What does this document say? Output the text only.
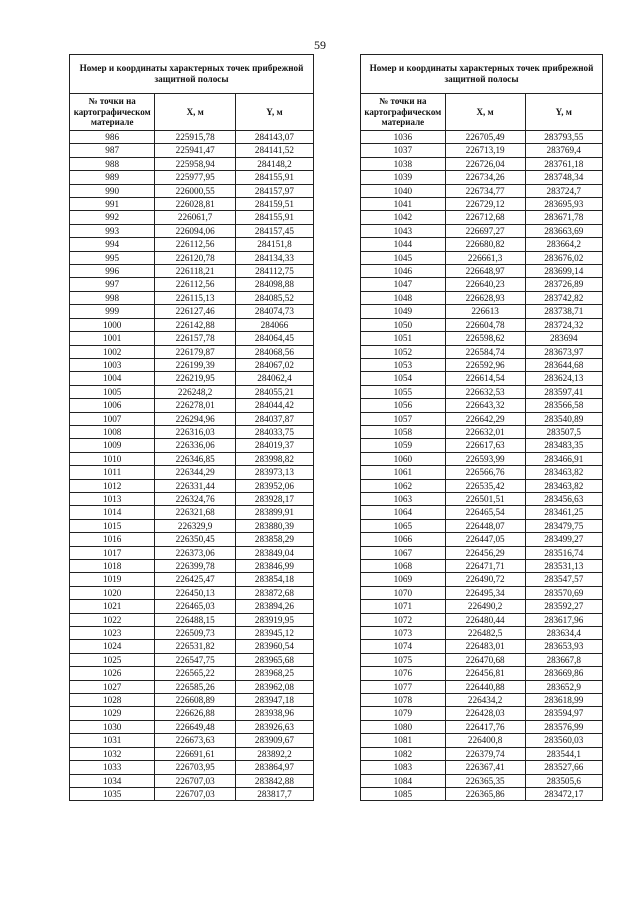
59
Номер и координаты характерных точек прибрежной защитной полосы		
№ точки на картографическом материале	X, м	Y, м
986	225915,78	284143,07
987	225941,47	284141,52
988	225958,94	284148,2
989	225977,95	284155,91
990	226000,55	284157,97
991	226028,81	284159,51
992	226061,7	284155,91
993	226094,06	284157,45
994	226112,56	284151,8
995	226120,78	284134,33
996	226118,21	284112,75
997	226112,56	284098,88
998	226115,13	284085,52
999	226127,46	284074,73
1000	226142,88	284066
1001	226157,78	284064,45
1002	226179,87	284068,56
1003	226199,39	284067,02
1004	226219,95	284062,4
1005	226248,2	284055,21
1006	226278,01	284044,42
1007	226294,96	284037,87
1008	226316,03	284033,75
1009	226336,06	284019,37
1010	226346,85	283998,82
1011	226344,29	283973,13
1012	226331,44	283952,06
1013	226324,76	283928,17
1014	226321,68	283899,91
1015	226329,9	283880,39
1016	226350,45	283858,29
1017	226373,06	283849,04
1018	226399,78	283846,99
1019	226425,47	283854,18
1020	226450,13	283872,68
1021	226465,03	283894,26
1022	226488,15	283919,95
1023	226509,73	283945,12
1024	226531,82	283960,54
1025	226547,75	283965,68
1026	226565,22	283968,25
1027	226585,26	283962,08
1028	226608,89	283947,18
1029	226626,88	283938,96
1030	226649,48	283926,63
1031	226673,63	283909,67
1032	226691,61	283892,2
1033	226703,95	283864,97
1034	226707,03	283842,88
1035	226707,03	283817,7
Номер и координаты характерных точек прибрежной защитной полосы		
№ точки на картографическом материале	X, м	Y, м
1036	226705,49	283793,55
1037	226713,19	283769,4
1038	226726,04	283761,18
1039	226734,26	283748,34
1040	226734,77	283724,7
1041	226729,12	283695,93
1042	226712,68	283671,78
1043	226697,27	283663,69
1044	226680,82	283664,2
1045	226661,3	283676,02
1046	226648,97	283699,14
1047	226640,23	283726,89
1048	226628,93	283742,82
1049	226613	283738,71
1050	226604,78	283724,32
1051	226598,62	283694
1052	226584,74	283673,97
1053	226592,96	283644,68
1054	226614,54	283624,13
1055	226632,53	283597,41
1056	226643,32	283566,58
1057	226642,29	283540,89
1058	226632,01	283507,5
1059	226617,63	283483,35
1060	226593,99	283466,91
1061	226566,76	283463,82
1062	226535,42	283463,82
1063	226501,51	283456,63
1064	226465,54	283461,25
1065	226448,07	283479,75
1066	226447,05	283499,27
1067	226456,29	283516,74
1068	226471,71	283531,13
1069	226490,72	283547,57
1070	226495,34	283570,69
1071	226490,2	283592,27
1072	226480,44	283617,96
1073	226482,5	283634,4
1074	226483,01	283653,93
1075	226470,68	283667,8
1076	226456,81	283669,86
1077	226440,88	283652,9
1078	226434,2	283618,99
1079	226428,03	283594,97
1080	226417,76	283576,99
1081	226400,8	283560,03
1082	226379,74	283544,1
1083	226367,41	283527,66
1084	226365,35	283505,6
1085	226365,86	283472,17
